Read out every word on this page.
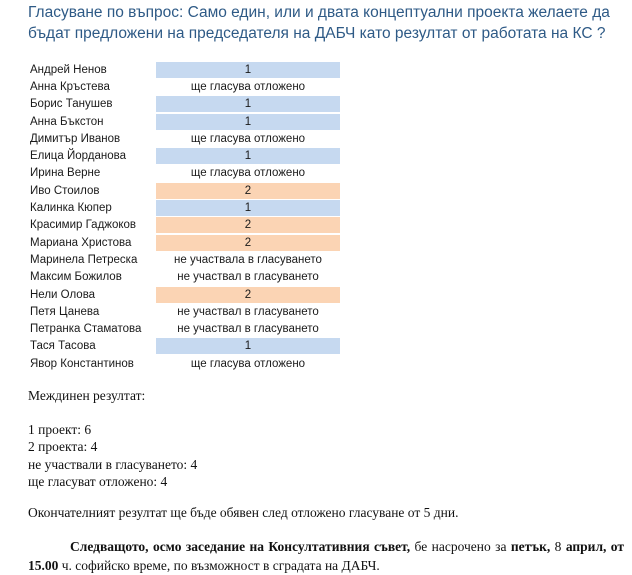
Гласуване по въпрос: Само един, или и двата концептуални проекта желаете да бъдат предложени на председателя на ДАБЧ като резултат от работата на КС ?

Андрей Ненов	1
Анна Кръстева	ще гласува отложено
Борис Танушев	1
Анна Бъкстон	1
Димитър Иванов	ще гласува отложено
Елица Йорданова	1
Ирина Верне	ще гласува отложено
Иво Стоилов	2
Калинка Кюпер	1
Красимир Гаджоков	2
Мариана Христова	2
Маринела Петреска	не участвала в гласуването
Максим Божилов	не участвал в гласуването
Нели Олова	2
Петя Цанева	не участвал в гласуването
Петранка Стаматова	не участвал в гласуването
Тася Тасова	1
Явор Константинов	ще гласува отложено

Междинен резултат:

1 проект: 6
2 проекта: 4
не участвали в гласуването: 4
ще гласуват отложено: 4

Окончателният резултат ще бъде обявен след отложено гласуване от 5 дни.

Следващото, осмо заседание на Консултативния съвет, бе насрочено за петък, 8 април, от 15.00 ч. софийско време, по възможност в сградата на ДАБЧ.
